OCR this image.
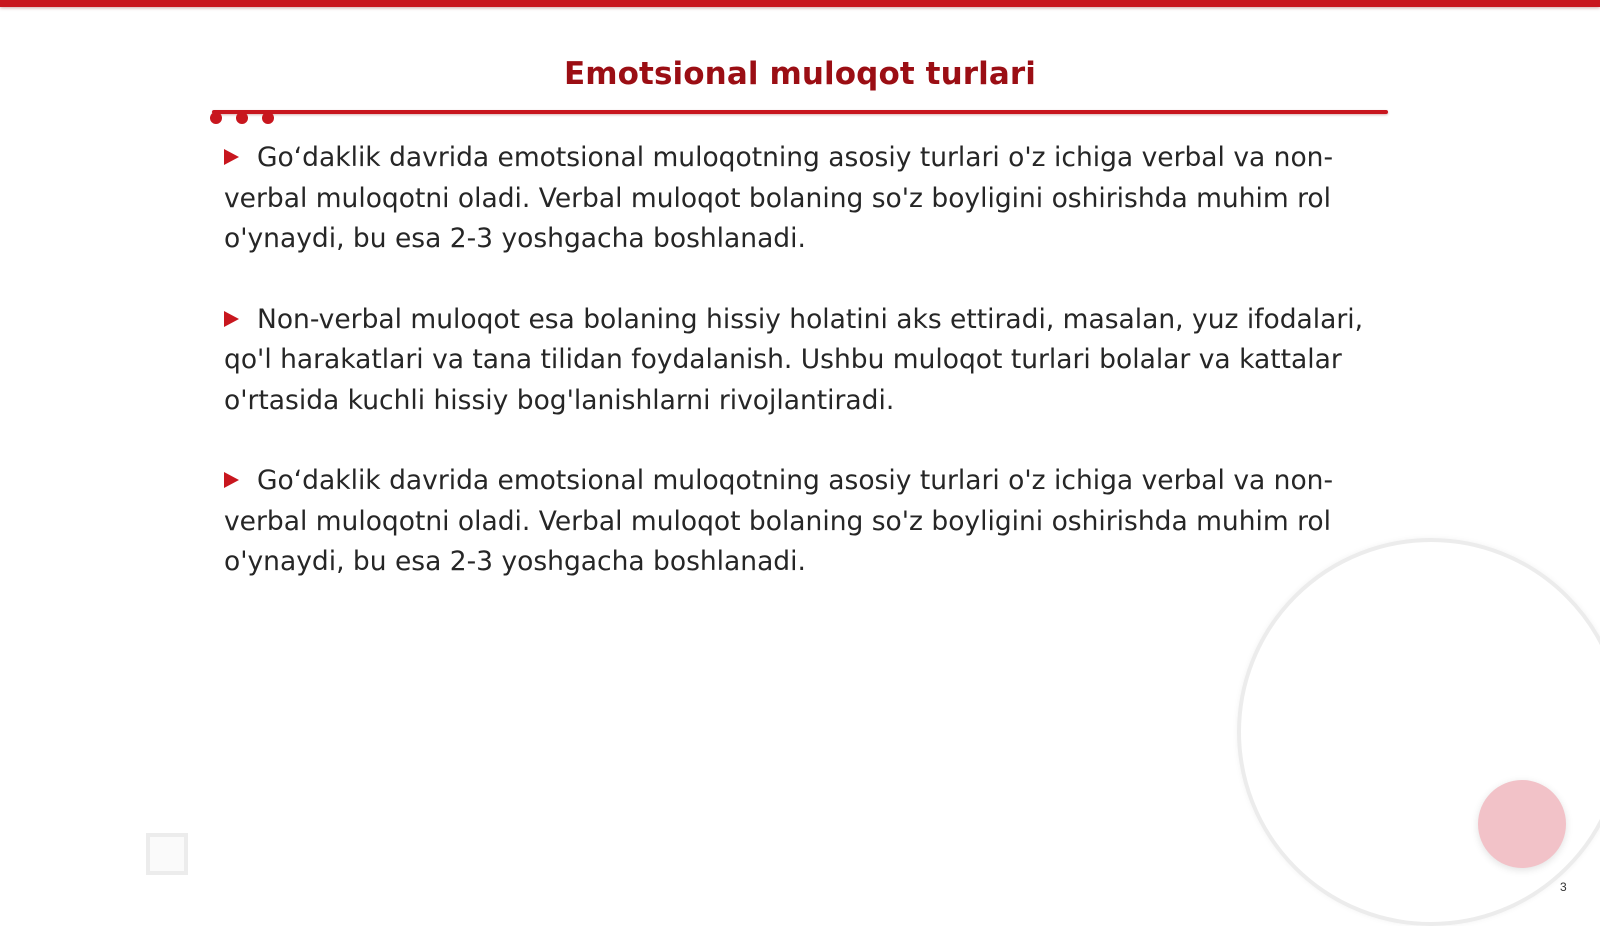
Emotsional muloqot turlari
Goʻdaklik davrida emotsional muloqotning asosiy turlari o'z ichiga verbal va non-verbal muloqotni oladi. Verbal muloqot bolaning so'z boyligini oshirishda muhim rol o'ynaydi, bu esa 2-3 yoshgacha boshlanadi.
Non-verbal muloqot esa bolaning hissiy holatini aks ettiradi, masalan, yuz ifodalari, qo'l harakatlari va tana tilidan foydalanish. Ushbu muloqot turlari bolalar va kattalar o'rtasida kuchli hissiy bog'lanishlarni rivojlantiradi.
Goʻdaklik davrida emotsional muloqotning asosiy turlari o'z ichiga verbal va non-verbal muloqotni oladi. Verbal muloqot bolaning so'z boyligini oshirishda muhim rol o'ynaydi, bu esa 2-3 yoshgacha boshlanadi.
3
